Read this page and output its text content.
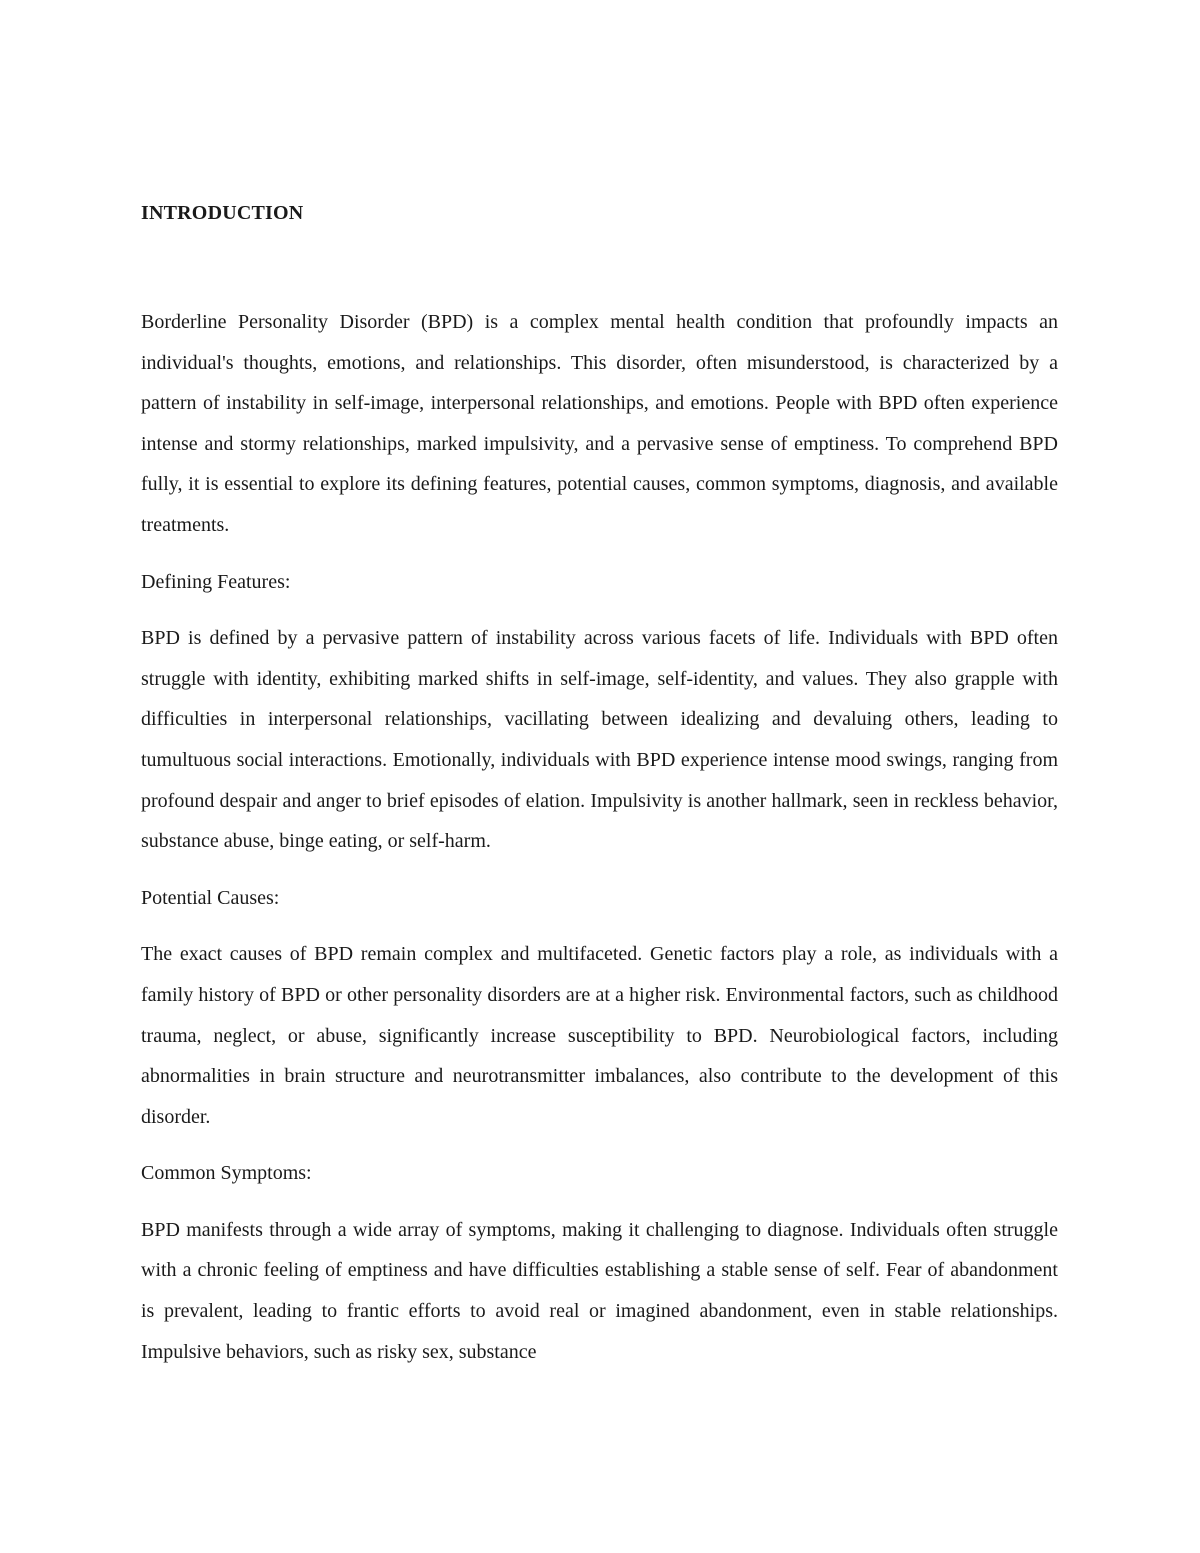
INTRODUCTION

Borderline Personality Disorder (BPD) is a complex mental health condition that profoundly impacts an individual's thoughts, emotions, and relationships. This disorder, often misunderstood, is characterized by a pattern of instability in self-image, interpersonal relationships, and emotions. People with BPD often experience intense and stormy relationships, marked impulsivity, and a pervasive sense of emptiness. To comprehend BPD fully, it is essential to explore its defining features, potential causes, common symptoms, diagnosis, and available treatments.

Defining Features:

BPD is defined by a pervasive pattern of instability across various facets of life. Individuals with BPD often struggle with identity, exhibiting marked shifts in self-image, self-identity, and values. They also grapple with difficulties in interpersonal relationships, vacillating between idealizing and devaluing others, leading to tumultuous social interactions. Emotionally, individuals with BPD experience intense mood swings, ranging from profound despair and anger to brief episodes of elation. Impulsivity is another hallmark, seen in reckless behavior, substance abuse, binge eating, or self-harm.

Potential Causes:

The exact causes of BPD remain complex and multifaceted. Genetic factors play a role, as individuals with a family history of BPD or other personality disorders are at a higher risk. Environmental factors, such as childhood trauma, neglect, or abuse, significantly increase susceptibility to BPD. Neurobiological factors, including abnormalities in brain structure and neurotransmitter imbalances, also contribute to the development of this disorder.

Common Symptoms:

BPD manifests through a wide array of symptoms, making it challenging to diagnose. Individuals often struggle with a chronic feeling of emptiness and have difficulties establishing a stable sense of self. Fear of abandonment is prevalent, leading to frantic efforts to avoid real or imagined abandonment, even in stable relationships. Impulsive behaviors, such as risky sex, substance
